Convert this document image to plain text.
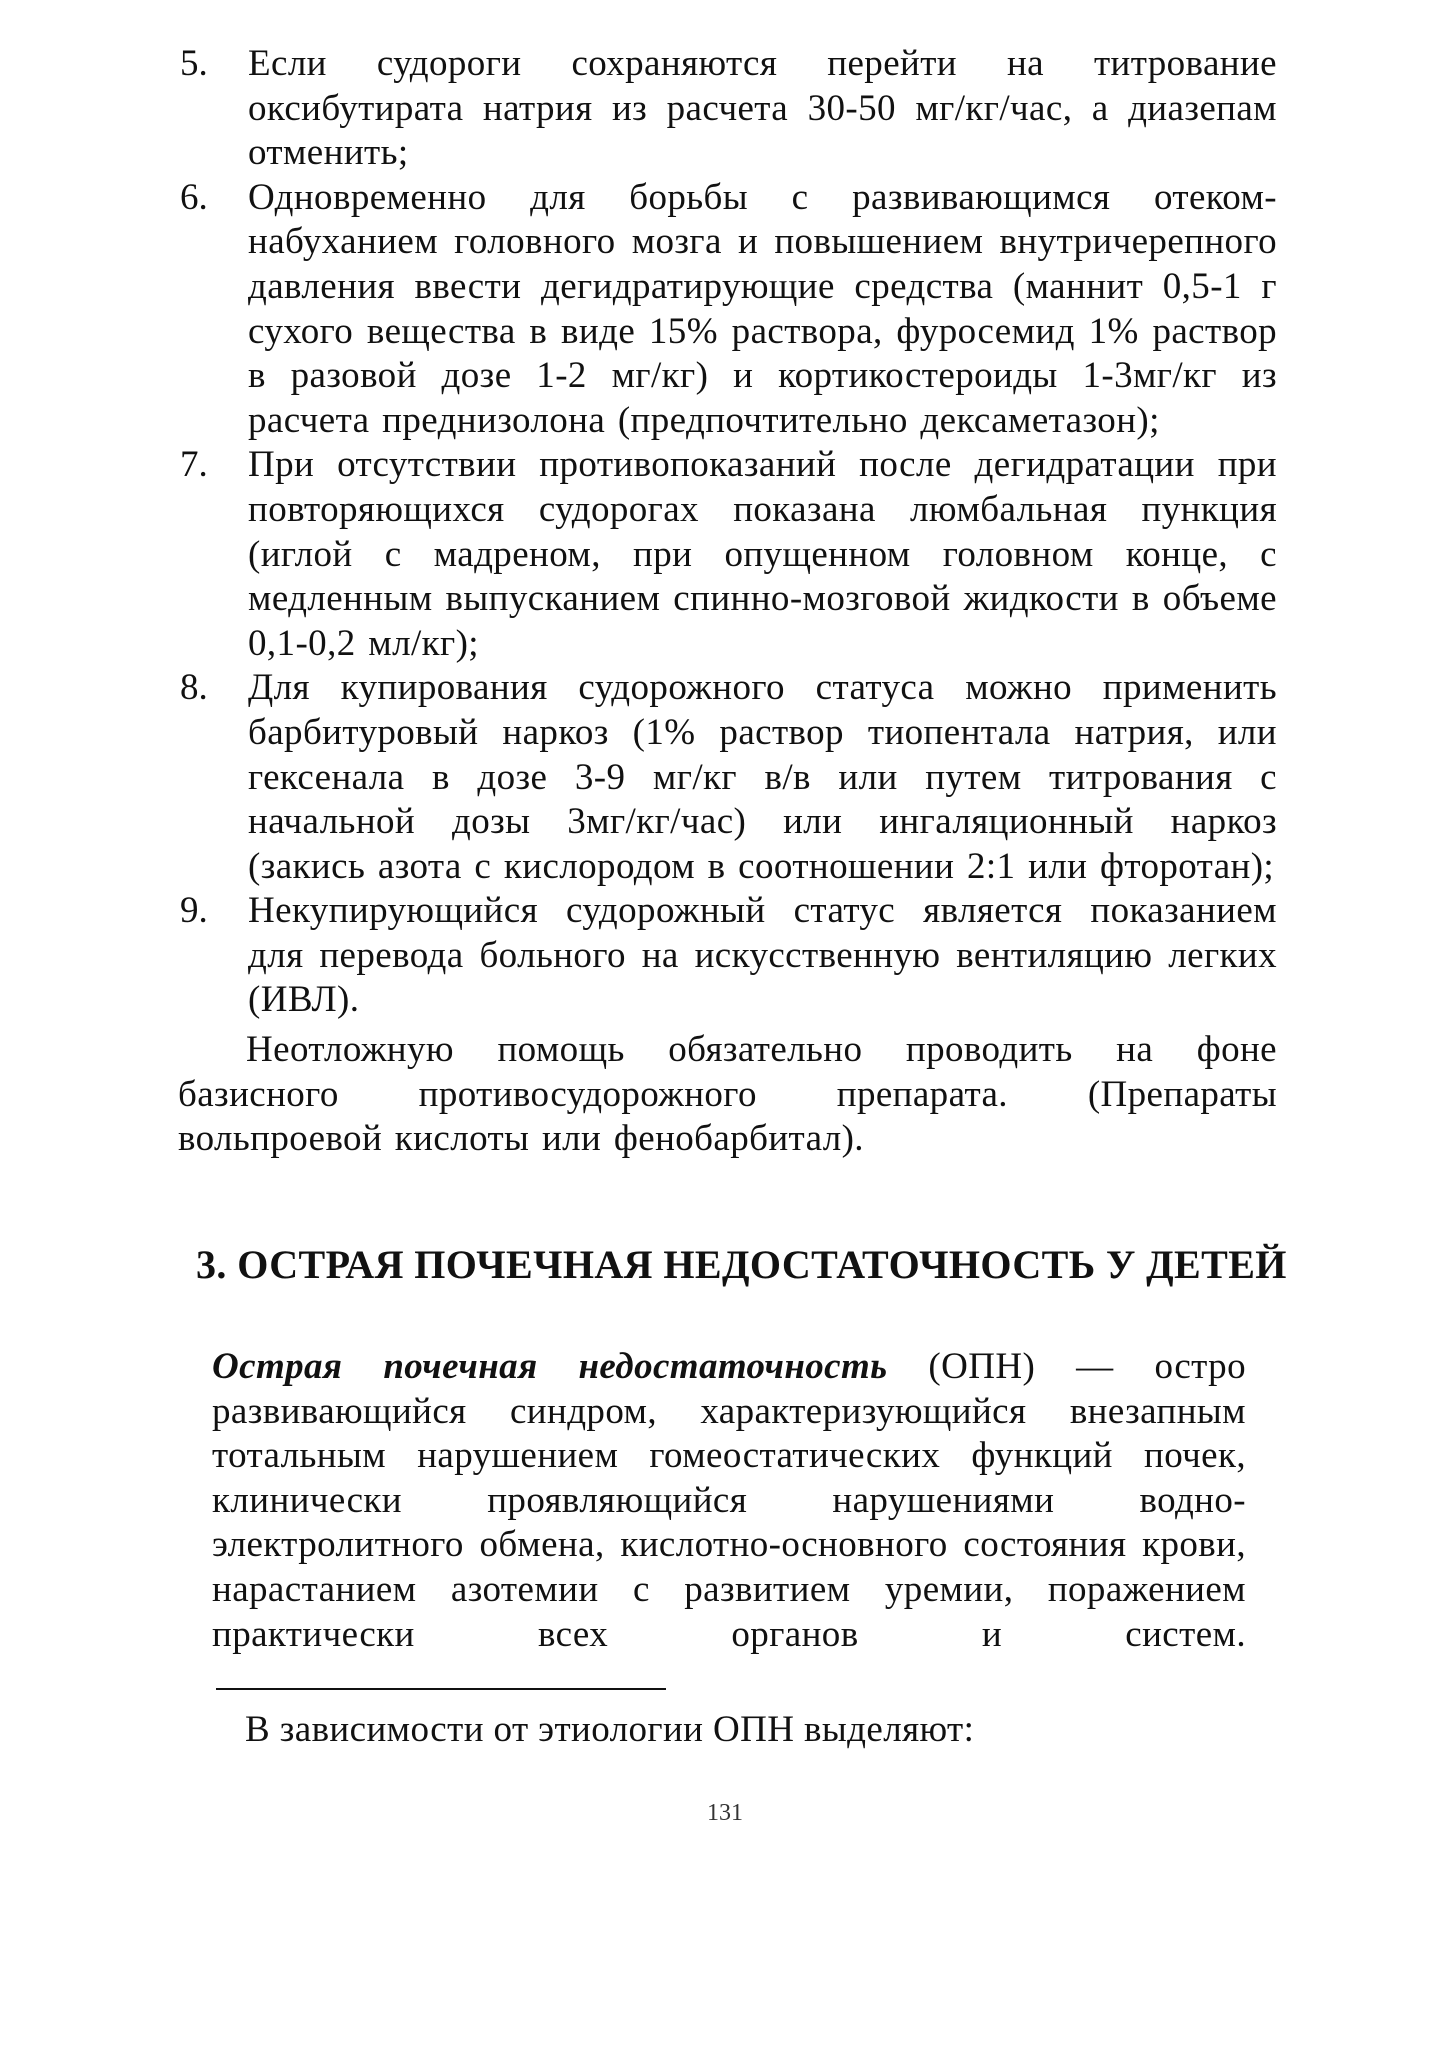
5. Если судороги сохраняются перейти на титрование оксибутирата натрия из расчета 30-50 мг/кг/час, а диазепам отменить;
6. Одновременно для борьбы с развивающимся отеком-набуханием головного мозга и повышением внутричерепного давления ввести дегидратирующие средства (маннит 0,5-1 г сухого вещества в виде 15% раствора, фуросемид 1% раствор в разовой дозе 1-2 мг/кг) и кортикостероиды 1-3мг/кг из расчета преднизолона (предпочтительно дексаметазон);
7. При отсутствии противопоказаний после дегидратации при повторяющихся судорогах показана люмбальная пункция (иглой с мадреном, при опущенном головном конце, с медленным выпусканием спинно-мозговой жидкости в объеме 0,1-0,2 мл/кг);
8. Для купирования судорожного статуса можно применить барбитуровый наркоз (1% раствор тиопентала натрия, или гексенала в дозе 3-9 мг/кг в/в или путем титрования с начальной дозы 3мг/кг/час) или ингаляционный наркоз (закись азота с кислородом в соотношении 2:1 или фторотан);
9. Некупирующийся судорожный статус является показанием для перевода больного на искусственную вентиляцию легких (ИВЛ).

Неотложную помощь обязательно проводить на фоне базисного противосудорожного препарата. (Препараты вольпроевой кислоты или фенобарбитал).

3. ОСТРАЯ ПОЧЕЧНАЯ НЕДОСТАТОЧНОСТЬ У ДЕТЕЙ

Острая почечная недостаточность (ОПН) — остро развивающийся синдром, характеризующийся внезапным тотальным нарушением гомеостатических функций почек, клинически проявляющийся нарушениями водно-электролитного обмена, кислотно-основного состояния крови, нарастанием азотемии с развитием уремии, поражением практически всех органов и систем.

В зависимости от этиологии ОПН выделяют:

131
